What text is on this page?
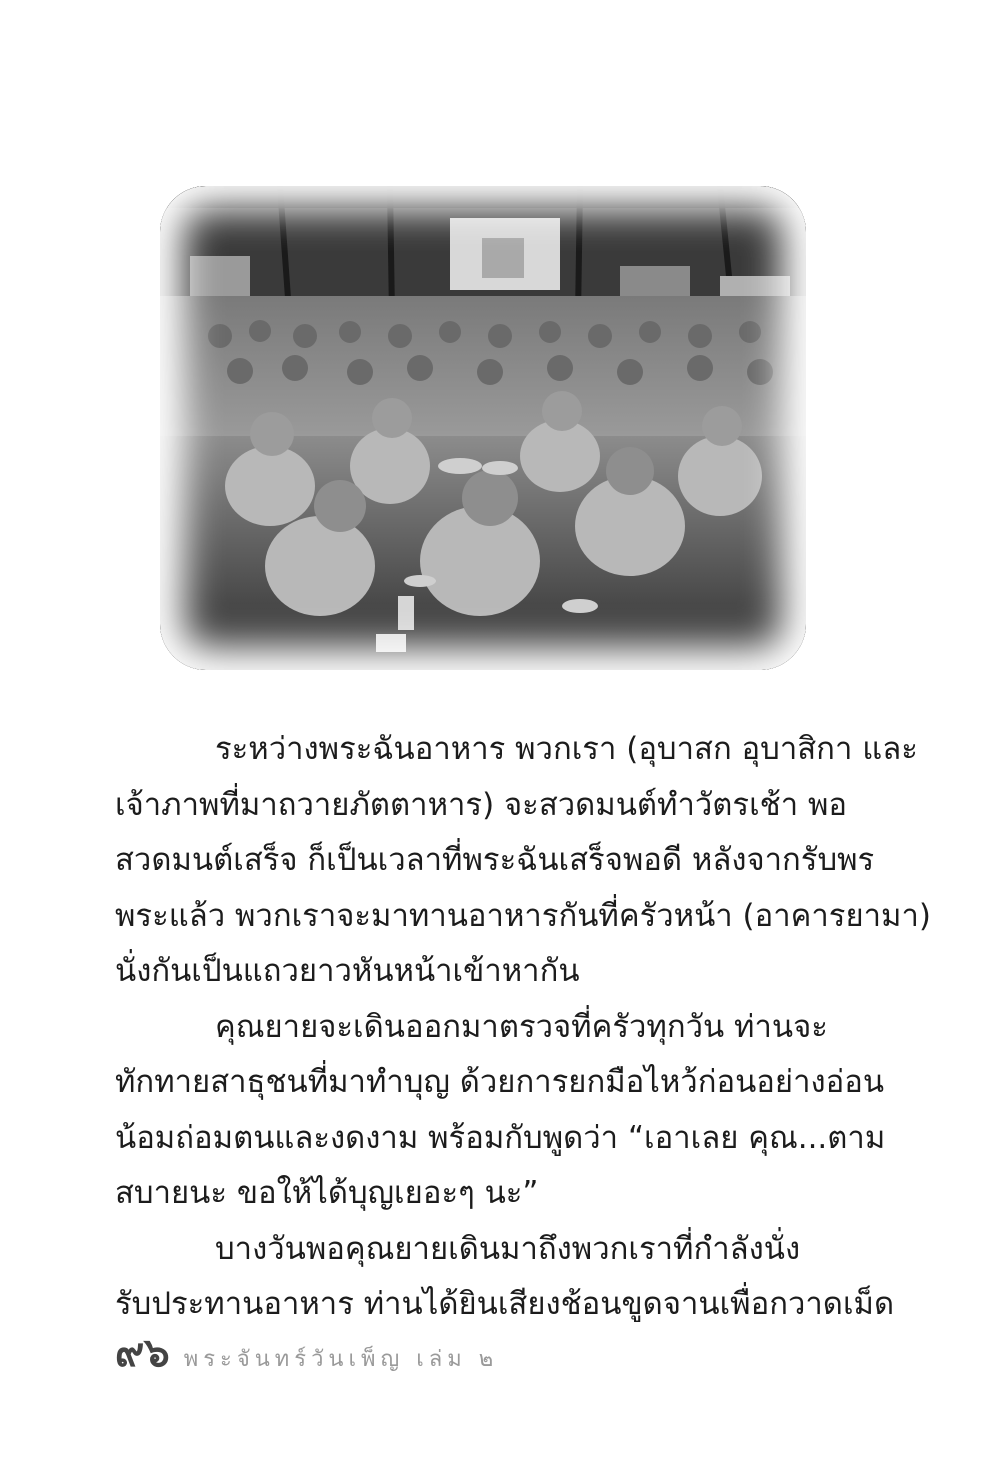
ระหว่างพระฉันอาหาร พวกเรา (อุบาสก อุบาสิกา และ
เจ้าภาพที่มาถวายภัตตาหาร) จะสวดมนต์ทำวัตรเช้า พอ
สวดมนต์เสร็จ ก็เป็นเวลาที่พระฉันเสร็จพอดี หลังจากรับพร
พระแล้ว พวกเราจะมาทานอาหารกันที่ครัวหน้า (อาคารยามา)
นั่งกันเป็นแถวยาวหันหน้าเข้าหากัน

คุณยายจะเดินออกมาตรวจที่ครัวทุกวัน ท่านจะ
ทักทายสาธุชนที่มาทำบุญ ด้วยการยกมือไหว้ก่อนอย่างอ่อน
น้อมถ่อมตนและงดงาม พร้อมกับพูดว่า “เอาเลย คุณ...ตาม
สบายนะ ขอให้ได้บุญเยอะๆ นะ”

บางวันพอคุณยายเดินมาถึงพวกเราที่กำลังนั่ง
รับประทานอาหาร ท่านได้ยินเสียงช้อนขูดจานเพื่อกวาดเม็ด

๙๖ พระจันทร์วันเพ็ญ เล่ม ๒
